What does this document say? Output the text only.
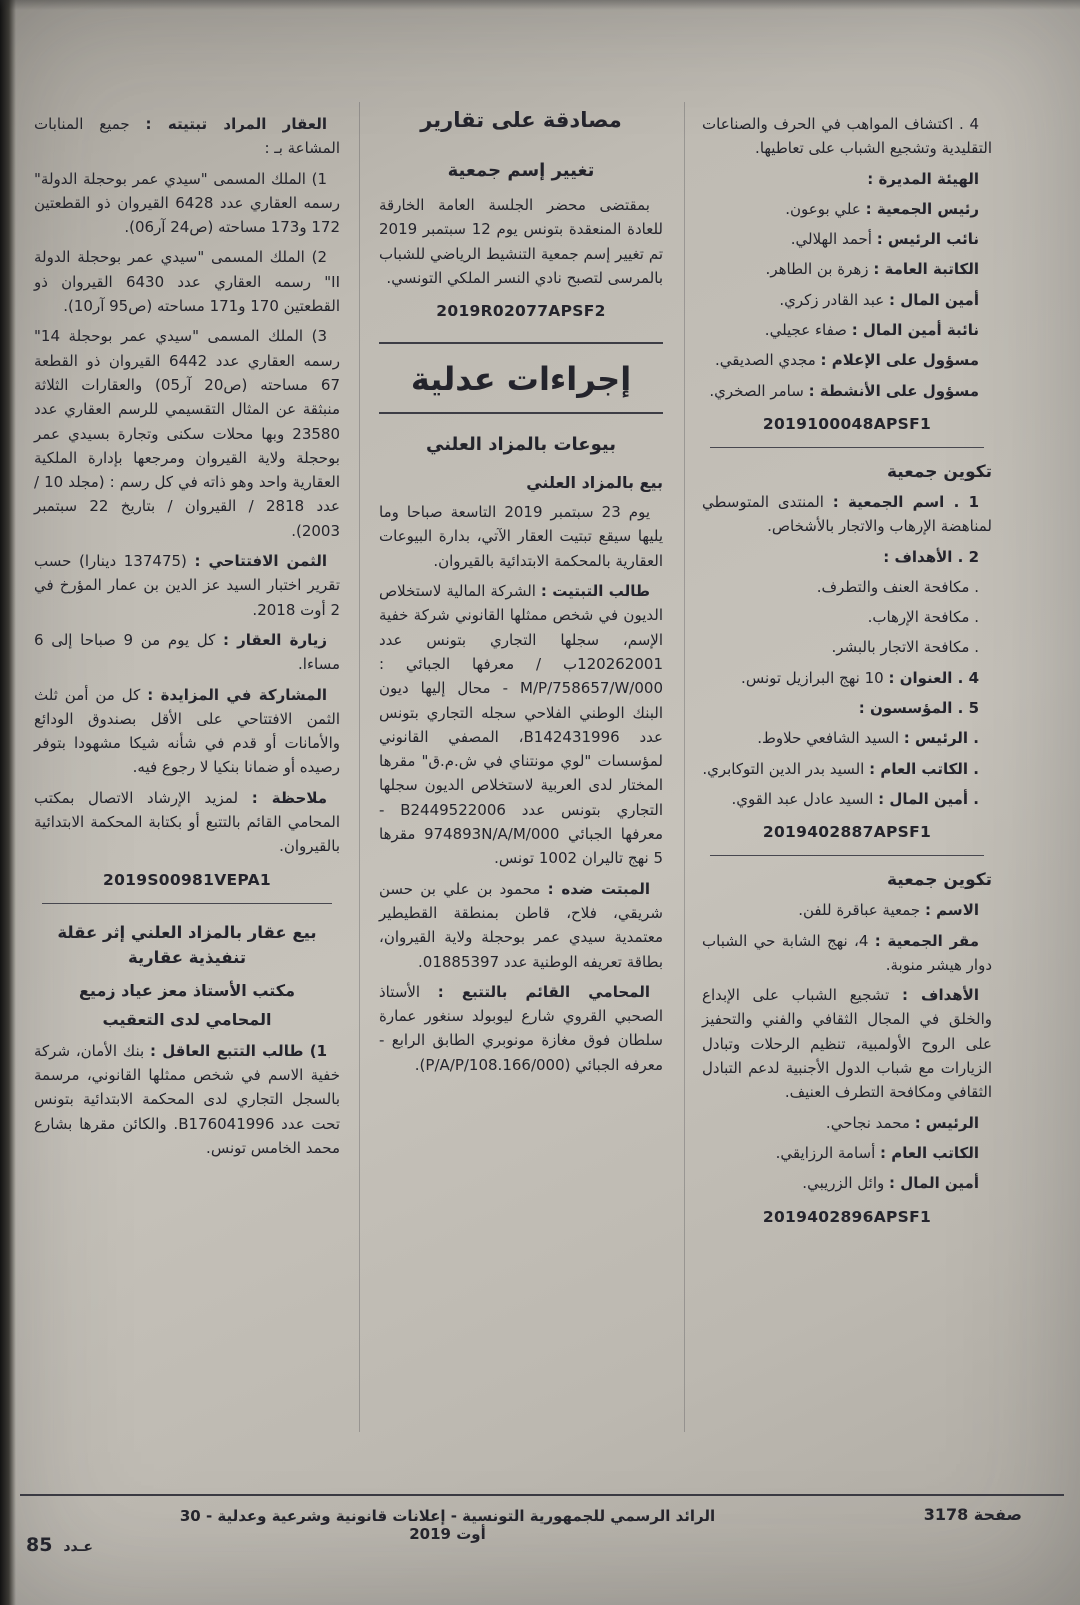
4 . اكتشاف المواهب في الحرف والصناعات التقليدية وتشجيع الشباب على تعاطيها.

الهيئة المديرة :

رئيس الجمعية : علي بوعون.

نائب الرئيس : أحمد الهلالي.

الكاتبة العامة : زهرة بن الطاهر.

أمين المال : عبد القادر زكري.

نائبة أمين المال : صفاء عجيلي.

مسؤول على الإعلام : مجدي الصديقي.

مسؤول على الأنشطة : سامر الصخري.

2019100048APSF1
تكوين جمعية

1 . اسم الجمعية : المنتدى المتوسطي لمناهضة الإرهاب والاتجار بالأشخاص.

2 . الأهداف :

. مكافحة العنف والتطرف.

. مكافحة الإرهاب.

. مكافحة الاتجار بالبشر.

4 . العنوان : 10 نهج البرازيل تونس.

5 . المؤسسون :

. الرئيس : السيد الشافعي حلاوط.

. الكاتب العام : السيد بدر الدين التوكابري.

. أمين المال : السيد عادل عبد القوي.

2019402887APSF1
تكوين جمعية

الاسم : جمعية عباقرة للفن.

مقر الجمعية : 4، نهج الشابة حي الشباب دوار هيشر منوبة.

الأهداف : تشجيع الشباب على الإبداع والخلق في المجال الثقافي والفني والتحفيز على الروح الأولمبية، تنظيم الرحلات وتبادل الزيارات مع شباب الدول الأجنبية لدعم التبادل الثقافي ومكافحة التطرف العنيف.

الرئيس : محمد نجاحي.

الكاتب العام : أسامة الرزايقي.

أمين المال : وائل الزريبي.

2019402896APSF1
مصادقة على تقارير
تغيير إسم جمعية

بمقتضى محضر الجلسة العامة الخارقة للعادة المنعقدة بتونس يوم 12 سبتمبر 2019 تم تغيير إسم جمعية التنشيط الرياضي للشباب بالمرسى لتصبح نادي النسر الملكي التونسي.

2019R02077APSF2
إجراءات عدلية
بيوعات بالمزاد العلني
بيع بالمزاد العلني

يوم 23 سبتمبر 2019 التاسعة صباحا وما يليها سيقع تبتيت العقار الآتي، بدارة البيوعات العقارية بالمحكمة الابتدائية بالقيروان.

طالب التبتيت : الشركة المالية لاستخلاص الديون في شخص ممثلها القانوني شركة خفية الإسم، سجلها التجاري بتونس عدد 120262001ب / معرفها الجبائي : 000/M/P/758657/W - محال إليها ديون البنك الوطني الفلاحي سجله التجاري بتونس عدد B142431996، المصفي القانوني لمؤسسات "لوي مونتناي في ش.م.ق" مقرها المختار لدى العربية لاستخلاص الديون سجلها التجاري بتونس عدد B2449522006 - معرفها الجبائي 974893N/A/M/000 مقرها 5 نهج تاليران 1002 تونس.

المبتت ضده : محمود بن علي بن حسن شريقي، فلاح، قاطن بمنطقة القطيطير معتمدية سيدي عمر بوحجلة ولاية القيروان، بطاقة تعريفه الوطنية عدد 01885397.

المحامي القائم بالتتبع : الأستاذ الصحبي القروي شارع ليوبولد سنغور عمارة سلطان فوق مغازة مونوبري الطابق الرابع - معرفه الجبائي (000/P/A/P/108.166).

العقار المراد تبتيته : جميع المنابات المشاعة بـ :

1) الملك المسمى "سيدي عمر بوحجلة الدولة" رسمه العقاري عدد 6428 القيروان ذو القطعتين 172 و173 مساحته (ص24 آر06).

2) الملك المسمى "سيدي عمر بوحجلة الدولة II" رسمه العقاري عدد 6430 القيروان ذو القطعتين 170 و171 مساحته (ص95 آر10).

3) الملك المسمى "سيدي عمر بوحجلة 14" رسمه العقاري عدد 6442 القيروان ذو القطعة 67 مساحته (ص20 آر05) والعقارات الثلاثة منبثقة عن المثال التقسيمي للرسم العقاري عدد 23580 وبها محلات سكنى وتجارة بسيدي عمر بوحجلة ولاية القيروان ومرجعها بإدارة الملكية العقارية واحد وهو ذاته في كل رسم : (مجلد 10 / عدد 2818 / القيروان / بتاريخ 22 سبتمبر 2003).

الثمن الافتتاحي : (137475 دينارا) حسب تقرير اختبار السيد عز الدين بن عمار المؤرخ في 2 أوت 2018.

زيارة العقار : كل يوم من 9 صباحا إلى 6 مساءا.

المشاركة في المزايدة : كل من أمن ثلث الثمن الافتتاحي على الأقل بصندوق الودائع والأمانات أو قدم في شأنه شيكا مشهودا بتوفر رصيده أو ضمانا بنكيا لا رجوع فيه.

ملاحظة : لمزيد الإرشاد الاتصال بمكتب المحامي القائم بالتتبع أو بكتابة المحكمة الابتدائية بالقيروان.

2019S00981VEPA1
بيع عقار بالمزاد العلني إثر عقلة تنفيذية عقارية
مكتب الأستاذ معز عياد زميع
المحامي لدى التعقيب

1) طالب التتبع العاقل : بنك الأمان، شركة خفية الاسم في شخص ممثلها القانوني، مرسمة بالسجل التجاري لدى المحكمة الابتدائية بتونس تحت عدد B176041996. والكائن مقرها بشارع محمد الخامس تونس.

صفحة 3178
الرائد الرسمي للجمهورية التونسية - إعلانات قانونية وشرعية وعدلية - 30 أوت 2019
عـدد 85
